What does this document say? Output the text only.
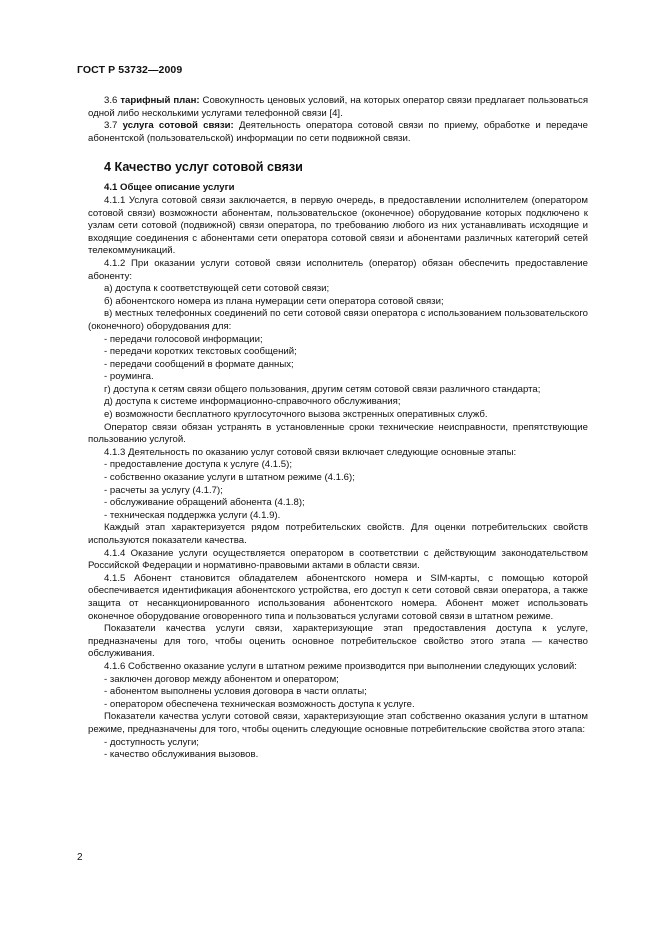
ГОСТ Р 53732—2009

3.6 тарифный план: Совокупность ценовых условий, на которых оператор связи предлагает пользоваться одной либо несколькими услугами телефонной связи [4].

3.7 услуга сотовой связи: Деятельность оператора сотовой связи по приему, обработке и передаче абонентской (пользовательской) информации по сети подвижной связи.

4 Качество услуг сотовой связи

4.1 Общее описание услуги

4.1.1 Услуга сотовой связи заключается, в первую очередь, в предоставлении исполнителем (оператором сотовой связи) возможности абонентам, пользовательское (оконечное) оборудование которых подключено к узлам сети сотовой (подвижной) связи оператора, по требованию любого из них устанавливать исходящие и входящие соединения с абонентами сети оператора сотовой связи и абонентами различных категорий сетей телекоммуникаций.

4.1.2 При оказании услуги сотовой связи исполнитель (оператор) обязан обеспечить предоставление абоненту:

а) доступа к соответствующей сети сотовой связи;

б) абонентского номера из плана нумерации сети оператора сотовой связи;

в) местных телефонных соединений по сети сотовой связи оператора с использованием пользовательского (оконечного) оборудования для:

- передачи голосовой информации;

- передачи коротких текстовых сообщений;

- передачи сообщений в формате данных;

- роуминга.

г) доступа к сетям связи общего пользования, другим сетям сотовой связи различного стандарта;

д) доступа к системе информационно-справочного обслуживания;

е) возможности бесплатного круглосуточного вызова экстренных оперативных служб.

Оператор связи обязан устранять в установленные сроки технические неисправности, препятствующие пользованию услугой.

4.1.3 Деятельность по оказанию услуг сотовой связи включает следующие основные этапы:

- предоставление доступа к услуге (4.1.5);

- собственно оказание услуги в штатном режиме (4.1.6);

- расчеты за услугу (4.1.7);

- обслуживание обращений абонента (4.1.8);

- техническая поддержка услуги (4.1.9).

Каждый этап характеризуется рядом потребительских свойств. Для оценки потребительских свойств используются показатели качества.

4.1.4 Оказание услуги осуществляется оператором в соответствии с действующим законодательством Российской Федерации и нормативно-правовыми актами в области связи.

4.1.5 Абонент становится обладателем абонентского номера и SIM-карты, с помощью которой обеспечивается идентификация абонентского устройства, его доступ к сети сотовой связи оператора, а также защита от несанкционированного использования абонентского номера. Абонент может использовать оконечное оборудование оговоренного типа и пользоваться услугами сотовой связи в штатном режиме.

Показатели качества услуги связи, характеризующие этап предоставления доступа к услуге, предназначены для того, чтобы оценить основное потребительское свойство этого этапа — качество обслуживания.

4.1.6 Собственно оказание услуги в штатном режиме производится при выполнении следующих условий:

- заключен договор между абонентом и оператором;

- абонентом выполнены условия договора в части оплаты;

- оператором обеспечена техническая возможность доступа к услуге.

Показатели качества услуги сотовой связи, характеризующие этап собственно оказания услуги в штатном режиме, предназначены для того, чтобы оценить следующие основные потребительские свойства этого этапа:

- доступность услуги;

- качество обслуживания вызовов.

2
